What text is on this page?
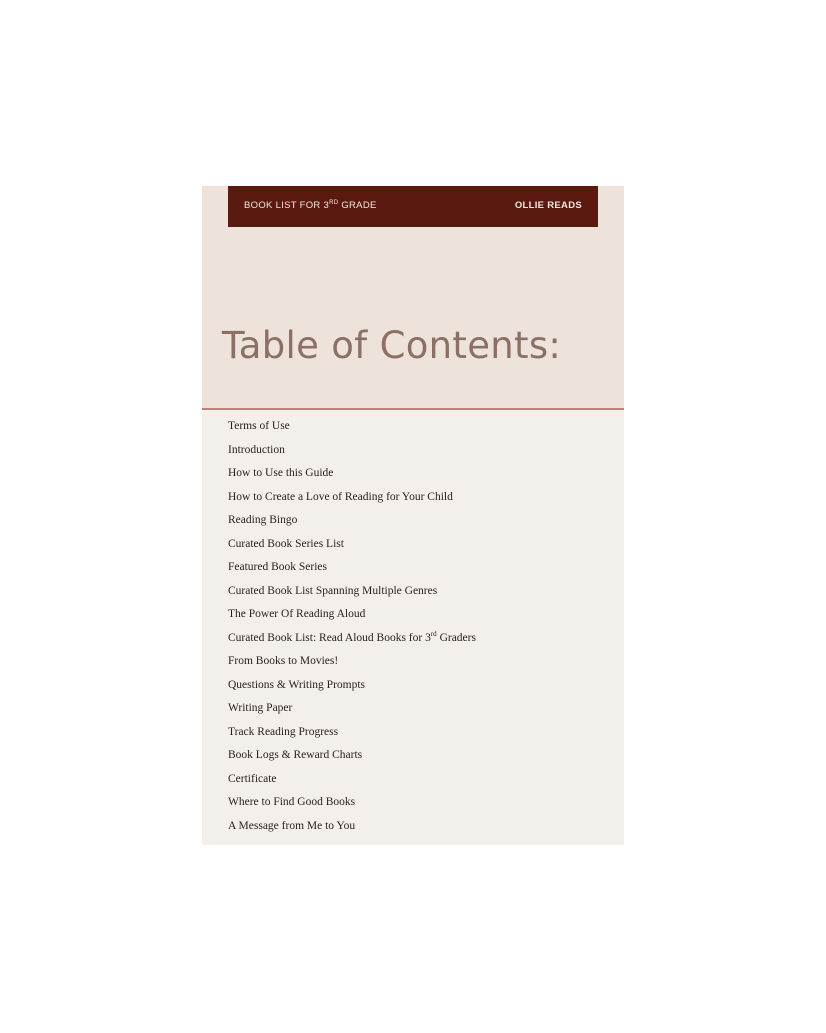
BOOK LIST FOR 3RD GRADE	OLLIE READS
Table of Contents:
Terms of Use
Introduction
How to Use this Guide
How to Create a Love of Reading for Your Child
Reading Bingo
Curated Book Series List
Featured Book Series
Curated Book List Spanning Multiple Genres
The Power Of Reading Aloud
Curated Book List: Read Aloud Books for 3rd Graders
From Books to Movies!
Questions & Writing Prompts
Writing Paper
Track Reading Progress
Book Logs & Reward Charts
Certificate
Where to Find Good Books
A Message from Me to You
